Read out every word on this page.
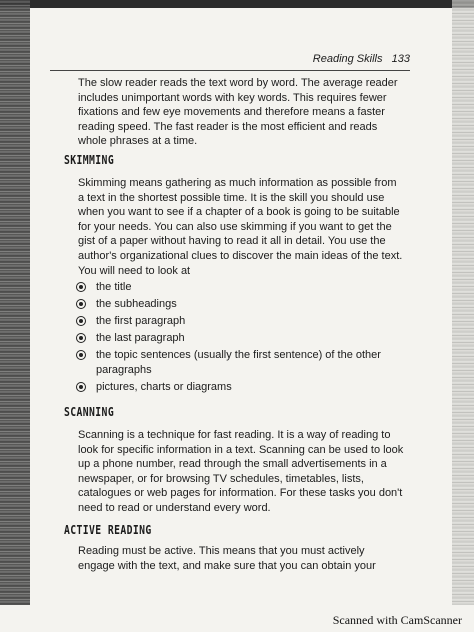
Reading Skills 133

The slow reader reads the text word by word. The average reader includes unimportant words with key words. This requires fewer fixations and few eye movements and therefore means a faster reading speed. The fast reader is the most efficient and reads whole phrases at a time.

SKIMMING

Skimming means gathering as much information as possible from a text in the shortest possible time. It is the skill you should use when you want to see if a chapter of a book is going to be suitable for your needs. You can also use skimming if you want to get the gist of a paper without having to read it all in detail. You use the author's organizational clues to discover the main ideas of the text. You will need to look at

the title
the subheadings
the first paragraph
the last paragraph
the topic sentences (usually the first sentence) of the other paragraphs
pictures, charts or diagrams
SCANNING

Scanning is a technique for fast reading. It is a way of reading to look for specific information in a text. Scanning can be used to look up a phone number, read through the small advertisements in a newspaper, or for browsing TV schedules, timetables, lists, catalogues or web pages for information. For these tasks you don't need to read or understand every word.

ACTIVE READING

Reading must be active. This means that you must actively engage with the text, and make sure that you can obtain your

Scanned with CamScanner
